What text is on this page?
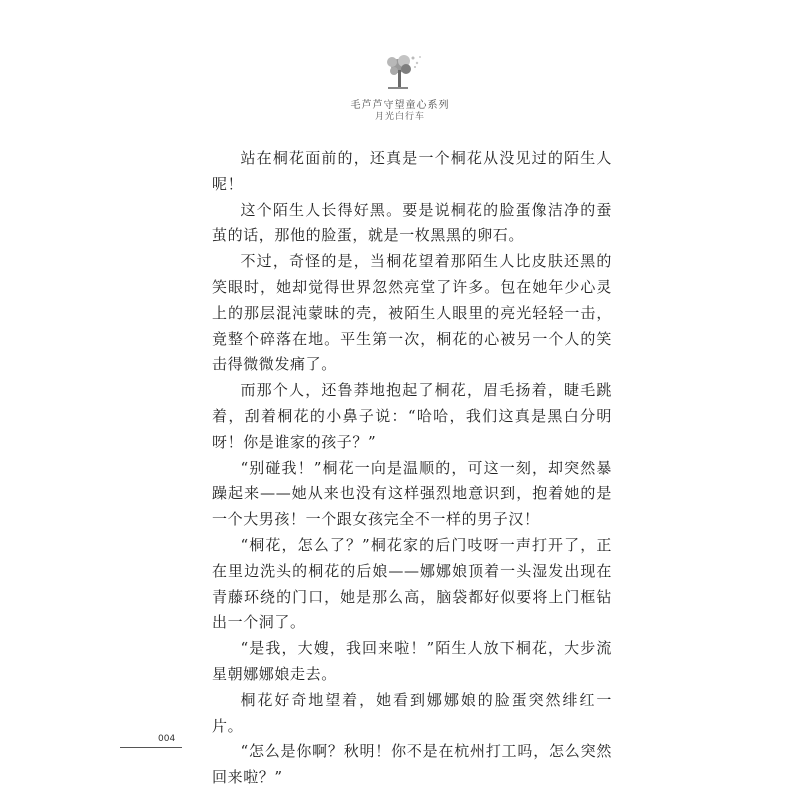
毛芦芦守望童心系列
月光白行车

站在桐花面前的，还真是一个桐花从没见过的陌生人呢！

这个陌生人长得好黑。要是说桐花的脸蛋像洁净的蚕茧的话，那他的脸蛋，就是一枚黑黑的卵石。

不过，奇怪的是，当桐花望着那陌生人比皮肤还黑的笑眼时，她却觉得世界忽然亮堂了许多。包在她年少心灵上的那层混沌蒙昧的壳，被陌生人眼里的亮光轻轻一击，竟整个碎落在地。平生第一次，桐花的心被另一个人的笑击得微微发痛了。

而那个人，还鲁莽地抱起了桐花，眉毛扬着，睫毛跳着，刮着桐花的小鼻子说：“哈哈，我们这真是黑白分明呀！你是谁家的孩子？”

“别碰我！”桐花一向是温顺的，可这一刻，却突然暴躁起来——她从来也没有这样强烈地意识到，抱着她的是一个大男孩！一个跟女孩完全不一样的男子汉！

“桐花，怎么了？”桐花家的后门吱呀一声打开了，正在里边洗头的桐花的后娘——娜娜娘顶着一头湿发出现在青藤环绕的门口，她是那么高，脑袋都好似要将上门框钻出一个洞了。

“是我，大嫂，我回来啦！”陌生人放下桐花，大步流星朝娜娜娘走去。

桐花好奇地望着，她看到娜娜娘的脸蛋突然绯红一片。

“怎么是你啊？秋明！你不是在杭州打工吗，怎么突然回来啦？”

004
